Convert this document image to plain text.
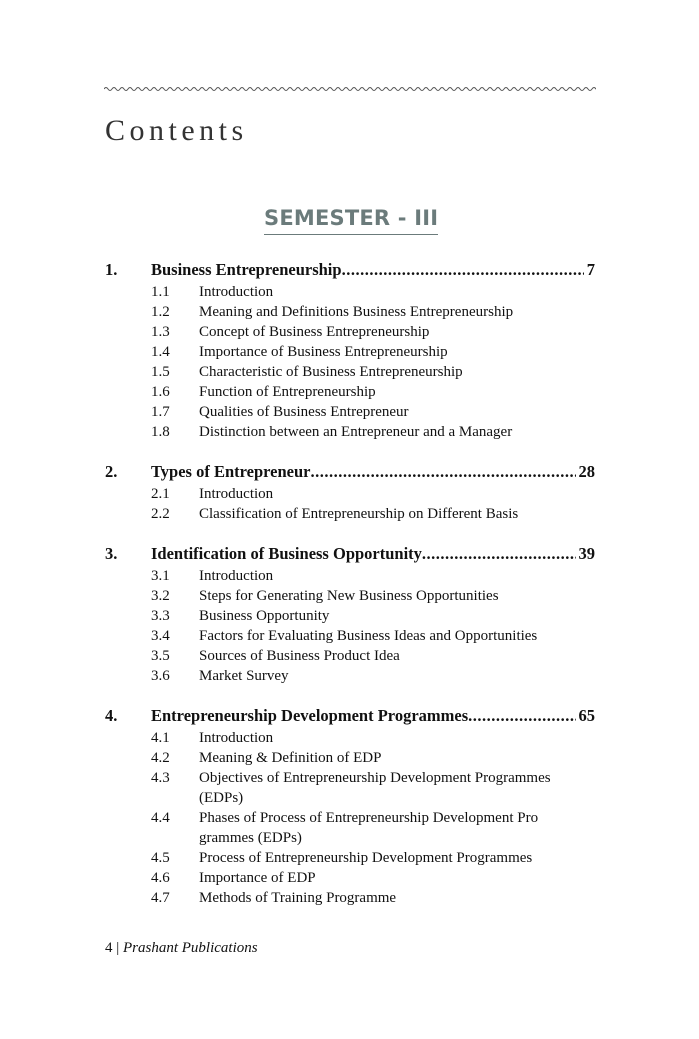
Contents
SEMESTER - III
1.	Business Entrepreneurship .....	7
1.1	Introduction
1.2	Meaning and Definitions Business Entrepreneurship
1.3	Concept of Business Entrepreneurship
1.4	Importance of Business Entrepreneurship
1.5	Characteristic of Business Entrepreneurship
1.6	Function of Entrepreneurship
1.7	Qualities of Business Entrepreneur
1.8	Distinction between an Entrepreneur and a Manager
2.	Types of Entrepreneur .....	28
2.1	Introduction
2.2	Classification of Entrepreneurship on Different Basis
3.	Identification of Business Opportunity .....	39
3.1	Introduction
3.2	Steps for Generating New Business Opportunities
3.3	Business Opportunity
3.4	Factors for Evaluating Business Ideas and Opportunities
3.5	Sources of Business Product Idea
3.6	Market Survey
4.	Entrepreneurship Development Programmes .....	65
4.1	Introduction
4.2	Meaning & Definition of EDP
4.3	Objectives of Entrepreneurship Development Programmes (EDPs)
4.4	Phases of Process of Entrepreneurship Development Pro grammes (EDPs)
4.5	Process of Entrepreneurship Development Programmes
4.6	Importance of EDP
4.7	Methods of Training Programme
4 | Prashant Publications
